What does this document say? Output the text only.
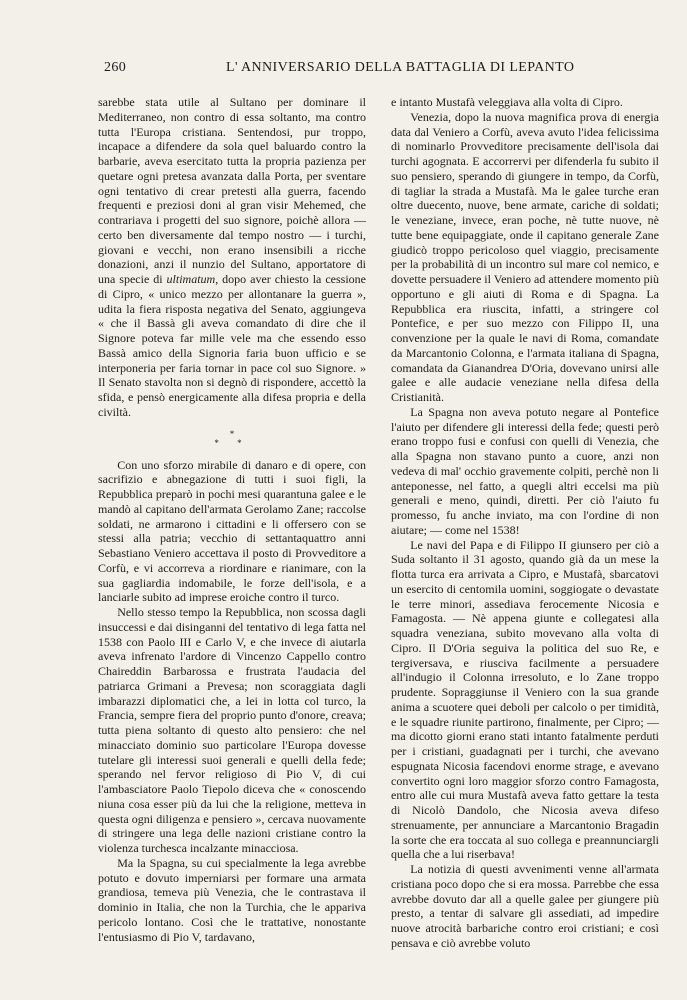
260	L' ANNIVERSARIO DELLA BATTAGLIA DI LEPANTO

sarebbe stata utile al Sultano per dominare il Mediterraneo, non contro di essa soltanto, ma contro tutta l'Europa cristiana. Sentendosi, pur troppo, incapace a difendere da sola quel baluardo contro la barbarie, aveva esercitato tutta la propria pazienza per quetare ogni pretesa avanzata dalla Porta, per sventare ogni tentativo di crear pretesti alla guerra, facendo frequenti e preziosi doni al gran visir Mehemed, che contrariava i progetti del suo signore, poichè allora — certo ben diversamente dal tempo nostro — i turchi, giovani e vecchi, non erano insensibili a ricche donazioni, anzi il nunzio del Sultano, apportatore di una specie di ultimatum, dopo aver chiesto la cessione di Cipro, « unico mezzo per allontanare la guerra », udita la fiera risposta negativa del Senato, aggiungeva « che il Bassà gli aveva comandato di dire che il Signore poteva far mille vele ma che essendo esso Bassà amico della Signoria faria buon ufficio e se interponeria per faria tornar in pace col suo Signore. » Il Senato stavolta non si degnò di rispondere, accettò la sfida, e pensò energicamente alla difesa propria e della civiltà.

*
* *

Con uno sforzo mirabile di danaro e di opere, con sacrifizio e abnegazione di tutti i suoi figli, la Repubblica preparò in pochi mesi quarantuna galee e le mandò al capitano dell'armata Gerolamo Zane; raccolse soldati, ne armarono i cittadini e li offersero con se stessi alla patria; vecchio di settantaquattro anni Sebastiano Veniero accettava il posto di Provveditore a Corfù, e vi accorreva a riordinare e rianimare, con la sua gagliardia indomabile, le forze dell'isola, e a lanciarle subito ad imprese eroiche contro il turco.

Nello stesso tempo la Repubblica, non scossa dagli insuccessi e dai disinganni del tentativo di lega fatta nel 1538 con Paolo III e Carlo V, e che invece di aiutarla aveva infrenato l'ardore di Vincenzo Cappello contro Chaireddin Barbarossa e frustrata l'audacia del patriarca Grimani a Prevesa; non scoraggiata dagli imbarazzi diplomatici che, a lei in lotta col turco, la Francia, sempre fiera del proprio punto d'onore, creava; tutta piena soltanto di questo alto pensiero: che nel minacciato dominio suo particolare l'Europa dovesse tutelare gli interessi suoi generali e quelli della fede; sperando nel fervor religioso di Pio V, di cui l'ambasciatore Paolo Tiepolo diceva che « conoscendo niuna cosa esser più da lui che la religione, metteva in questa ogni diligenza e pensiero », cercava nuovamente di stringere una lega delle nazioni cristiane contro la violenza turchesca incalzante minacciosa.

Ma la Spagna, su cui specialmente la lega avrebbe potuto e dovuto imperniarsi per formare una armata grandiosa, temeva più Venezia, che le contrastava il dominio in Italia, che non la Turchia, che le appariva pericolo lontano. Così che le trattative, nonostante l'entusiasmo di Pio V, tardavano,

e intanto Mustafà veleggiava alla volta di Cipro.

Venezia, dopo la nuova magnifica prova di energia data dal Veniero a Corfù, aveva avuto l'idea felicissima di nominarlo Provveditore precisamente dell'isola dai turchi agognata. E accorrervi per difenderla fu subito il suo pensiero, sperando di giungere in tempo, da Corfù, di tagliar la strada a Mustafà. Ma le galee turche eran oltre duecento, nuove, bene armate, cariche di soldati; le veneziane, invece, eran poche, nè tutte nuove, nè tutte bene equipaggiate, onde il capitano generale Zane giudicò troppo pericoloso quel viaggio, precisamente per la probabilità di un incontro sul mare col nemico, e dovette persuadere il Veniero ad attendere momento più opportuno e gli aiuti di Roma e di Spagna. La Repubblica era riuscita, infatti, a stringere col Pontefice, e per suo mezzo con Filippo II, una convenzione per la quale le navi di Roma, comandate da Marcantonio Colonna, e l'armata italiana di Spagna, comandata da Gianandrea D'Oria, dovevano unirsi alle galee e alle audacie veneziane nella difesa della Cristianità.

La Spagna non aveva potuto negare al Pontefice l'aiuto per difendere gli interessi della fede; questi però erano troppo fusi e confusi con quelli di Venezia, che alla Spagna non stavano punto a cuore, anzi non vedeva di mal' occhio gravemente colpiti, perchè non li anteponesse, nel fatto, a quegli altri eccelsi ma più generali e meno, quindi, diretti. Per ciò l'aiuto fu promesso, fu anche inviato, ma con l'ordine di non aiutare; — come nel 1538!

Le navi del Papa e di Filippo II giunsero per ciò a Suda soltanto il 31 agosto, quando già da un mese la flotta turca era arrivata a Cipro, e Mustafà, sbarcatovi un esercito di centomila uomini, soggiogate o devastate le terre minori, assediava ferocemente Nicosia e Famagosta. — Nè appena giunte e collegatesi alla squadra veneziana, subito movevano alla volta di Cipro. Il D'Oria seguiva la politica del suo Re, e tergiversava, e riusciva facilmente a persuadere all'indugio il Colonna irresoluto, e lo Zane troppo prudente. Sopraggiunse il Veniero con la sua grande anima a scuotere quei deboli per calcolo o per timidità, e le squadre riunite partirono, finalmente, per Cipro; — ma dicotto giorni erano stati intanto fatalmente perduti per i cristiani, guadagnati per i turchi, che avevano espugnata Nicosia facendovi enorme strage, e avevano convertito ogni loro maggior sforzo contro Famagosta, entro alle cui mura Mustafà aveva fatto gettare la testa di Nicolò Dandolo, che Nicosia aveva difeso strenuamente, per annunciare a Marcantonio Bragadin la sorte che era toccata al suo collega e preannunciargli quella che a lui riserbava!

La notizia di questi avvenimenti venne all'armata cristiana poco dopo che si era mossa. Parrebbe che essa avrebbe dovuto dar all a quelle galee per giungere più presto, a tentar di salvare gli assediati, ad impedire nuove atrocità barbariche contro eroi cristiani; e così pensava e ciò avrebbe voluto
